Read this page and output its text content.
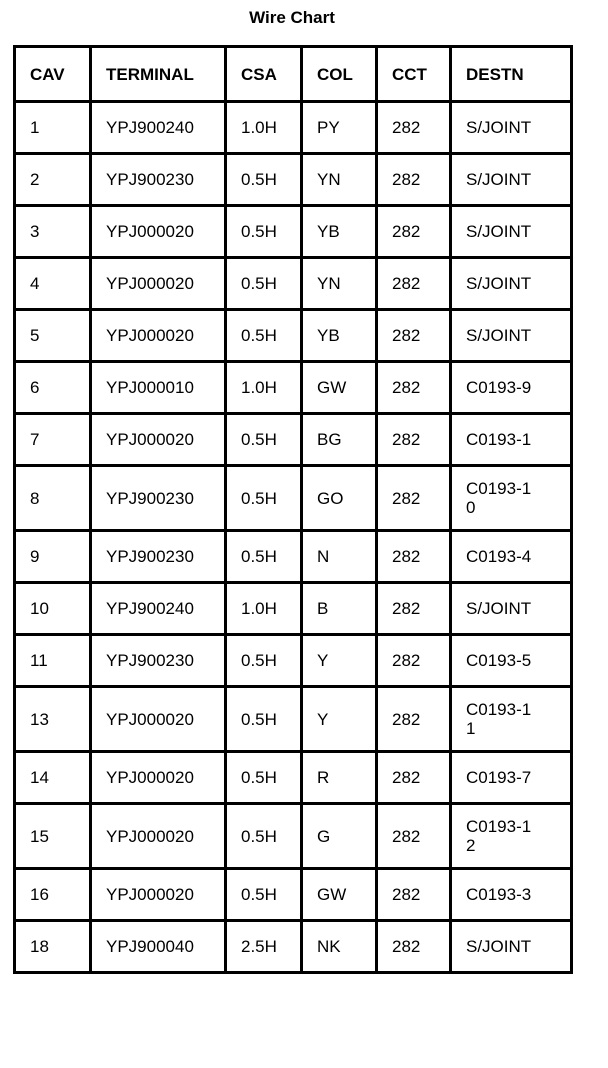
Wire Chart
CAV	TERMINAL	CSA	COL	CCT	DESTN

1	YPJ900240	1.0H	PY	282	S/JOINT

2	YPJ900230	0.5H	YN	282	S/JOINT

3	YPJ000020	0.5H	YB	282	S/JOINT

4	YPJ000020	0.5H	YN	282	S/JOINT

5	YPJ000020	0.5H	YB	282	S/JOINT

6	YPJ000010	1.0H	GW	282	C0193-9

7	YPJ000020	0.5H	BG	282	C0193-1

8	YPJ900230	0.5H	GO	282	C0193-10

9	YPJ900230	0.5H	N	282	C0193-4

10	YPJ900240	1.0H	B	282	S/JOINT

11	YPJ900230	0.5H	Y	282	C0193-5

13	YPJ000020	0.5H	Y	282	C0193-11

14	YPJ000020	0.5H	R	282	C0193-7

15	YPJ000020	0.5H	G	282	C0193-12

16	YPJ000020	0.5H	GW	282	C0193-3

18	YPJ900040	2.5H	NK	282	S/JOINT
